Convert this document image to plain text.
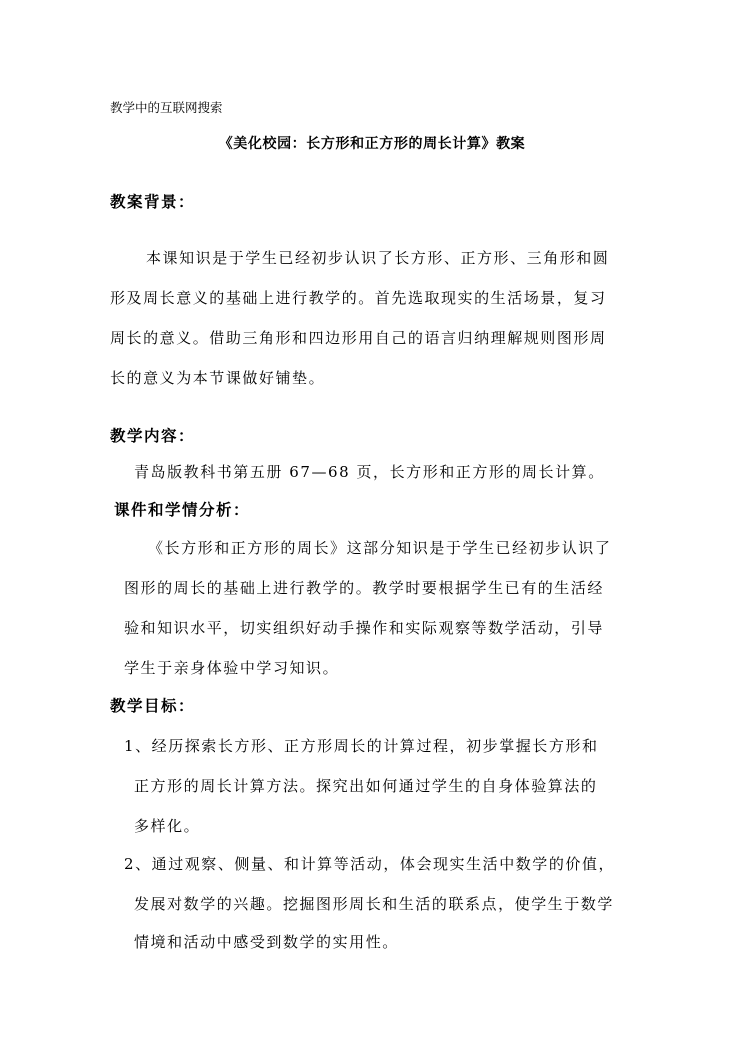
教学中的互联网搜索
《美化校园：长方形和正方形的周长计算》教案
教案背景：
本课知识是于学生已经初步认识了长方形、正方形、三角形和圆
形及周长意义的基础上进行教学的。首先选取现实的生活场景，复习
周长的意义。借助三角形和四边形用自己的语言归纳理解规则图形周
长的意义为本节课做好铺垫。
教学内容：
青岛版教科书第五册 67—68 页，长方形和正方形的周长计算。
课件和学情分析：
《长方形和正方形的周长》这部分知识是于学生已经初步认识了
图形的周长的基础上进行教学的。教学时要根据学生已有的生活经
验和知识水平，切实组织好动手操作和实际观察等数学活动，引导
学生于亲身体验中学习知识。
教学目标：
1、经历探索长方形、正方形周长的计算过程，初步掌握长方形和
正方形的周长计算方法。探究出如何通过学生的自身体验算法的
多样化。
2、通过观察、侧量、和计算等活动，体会现实生活中数学的价值，
发展对数学的兴趣。挖掘图形周长和生活的联系点，使学生于数学
情境和活动中感受到数学的实用性。
